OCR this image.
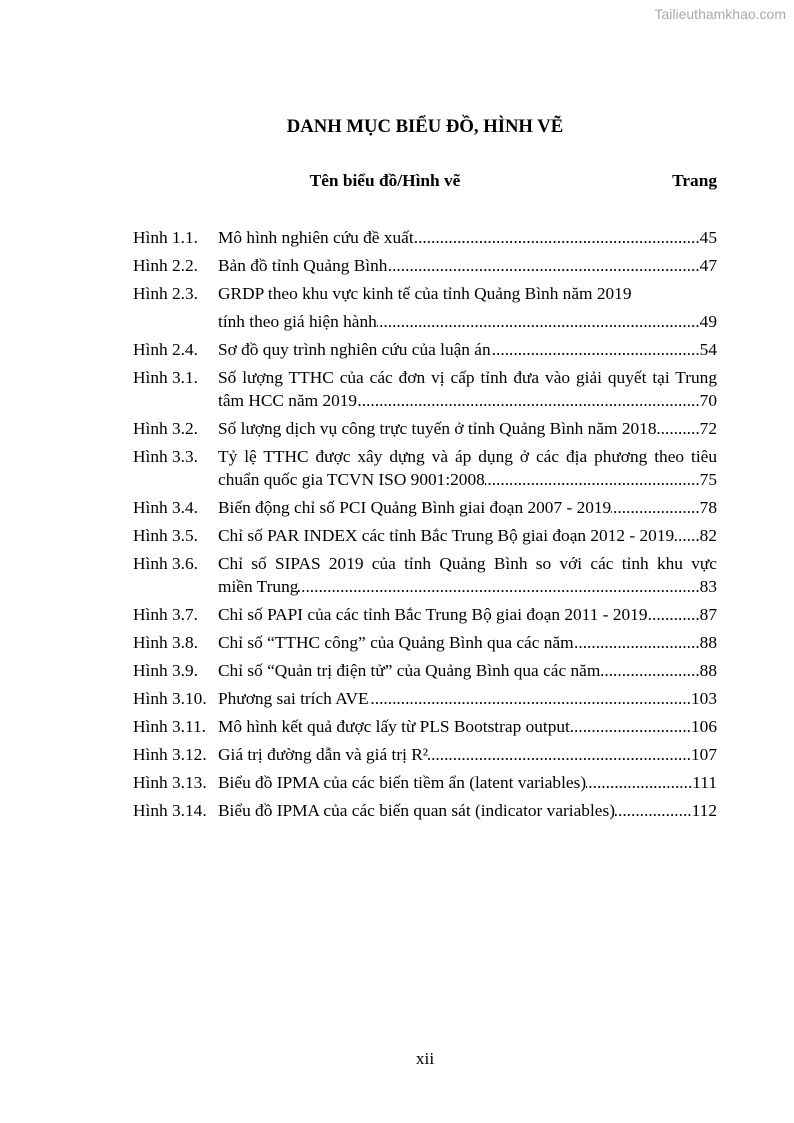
Tailieuthamkhao.com
DANH MỤC BIỂU ĐỒ, HÌNH VẼ
Tên biểu đồ/Hình vẽ	Trang
Hình 1.1.	Mô hình nghiên cứu đề xuất .....	45
Hình 2.2.	Bản đồ tỉnh Quảng Bình .....	47
Hình 2.3.	GRDP theo khu vực kinh tế của tỉnh Quảng Bình năm 2019
tính theo giá hiện hành .....	49
Hình 2.4.	Sơ đồ quy trình nghiên cứu của luận án .....	54
Hình 3.1.	Số lượng TTHC của các đơn vị cấp tỉnh đưa vào giải quyết tại Trung
tâm HCC năm 2019 .....	70
Hình 3.2.	Số lượng dịch vụ công trực tuyến ở tỉnh Quảng Bình năm 2018 ..... 72
Hình 3.3.	Tỷ lệ TTHC được xây dựng và áp dụng ở các địa phương theo tiêu
chuẩn quốc gia TCVN ISO 9001:2008 .....	75
Hình 3.4.	Biến động chỉ số PCI Quảng Bình giai đoạn 2007 - 2019 .....	78
Hình 3.5.	Chỉ số PAR INDEX các tỉnh Bắc Trung Bộ giai đoạn 2012 - 2019 ..... 82
Hình 3.6.	Chỉ số SIPAS 2019 của tỉnh Quảng Bình so với các tỉnh khu vực
miền Trung .....	83
Hình 3.7.	Chỉ số PAPI của các tỉnh Bắc Trung Bộ giai đoạn 2011 - 2019 .....	87
Hình 3.8.	Chỉ số “TTHC công” của Quảng Bình qua các năm .....	88
Hình 3.9.	Chỉ số “Quản trị điện tử” của Quảng Bình qua các năm .....	88
Hình 3.10. Phương sai trích AVE .....	103
Hình 3.11. Mô hình kết quả được lấy từ PLS Bootstrap output .....	106
Hình 3.12. Giá trị đường dẫn và giá trị R² .....	107
Hình 3.13. Biểu đồ IPMA của các biến tiềm ẩn (latent variables) .....	111
Hình 3.14. Biểu đồ IPMA của các biến quan sát (indicator variables) .....	112
xii
